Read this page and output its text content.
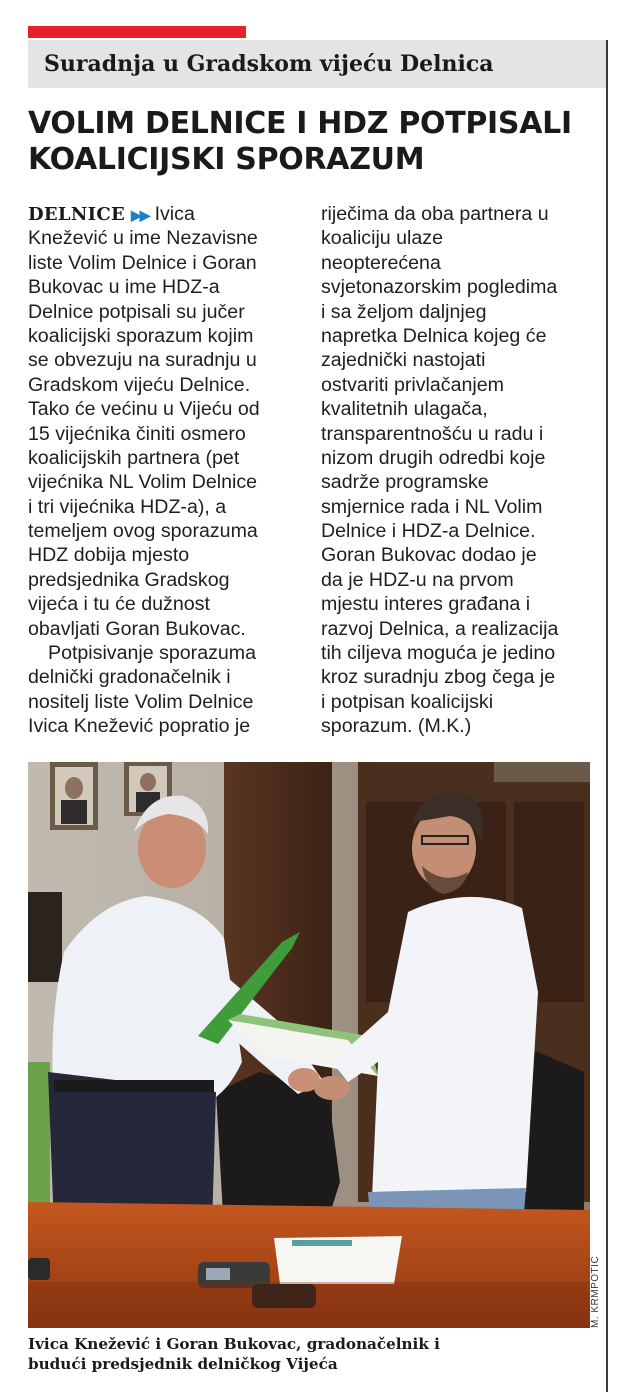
Suradnja u Gradskom vijeću Delnica
VOLIM DELNICE I HDZ POTPISALI
KOALICIJSKI SPORAZUM
DELNICE ▶▶ Ivica
Knežević u ime Nezavisne
liste Volim Delnice i Goran
Bukovac u ime HDZ-a
Delnice potpisali su jučer
koalicijski sporazum kojim
se obvezuju na suradnju u
Gradskom vijeću Delnice.
Tako će većinu u Vijeću od
15 vijećnika činiti osmero
koalicijskih partnera (pet
vijećnika NL Volim Delnice
i tri vijećnika HDZ-a), a
temeljem ovog sporazuma
HDZ dobija mjesto
predsjednika Gradskog
vijeća i tu će dužnost
obavljati Goran Bukovac.
Potpisivanje sporazuma
delnički gradonačelnik i
nositelj liste Volim Delnice
Ivica Knežević popratio je
riječima da oba partnera u
koaliciju ulaze
neopterećena
svjetonazorskim pogledima
i sa željom daljnjeg
napretka Delnica kojeg će
zajednički nastojati
ostvariti privlačanjem
kvalitetnih ulagača,
transparentnošću u radu i
nizom drugih odredbi koje
sadrže programske
smjernice rada i NL Volim
Delnice i HDZ-a Delnice.
Goran Bukovac dodao je
da je HDZ-u na prvom
mjestu interes građana i
razvoj Delnica, a realizacija
tih ciljeva moguća je jedino
kroz suradnju zbog čega je
i potpisan koalicijski
sporazum. (M.K.)
M. KRMPOTIĆ
Ivica Knežević i Goran Bukovac, gradonačelnik i
budući predsjednik delničkog Vijeća
